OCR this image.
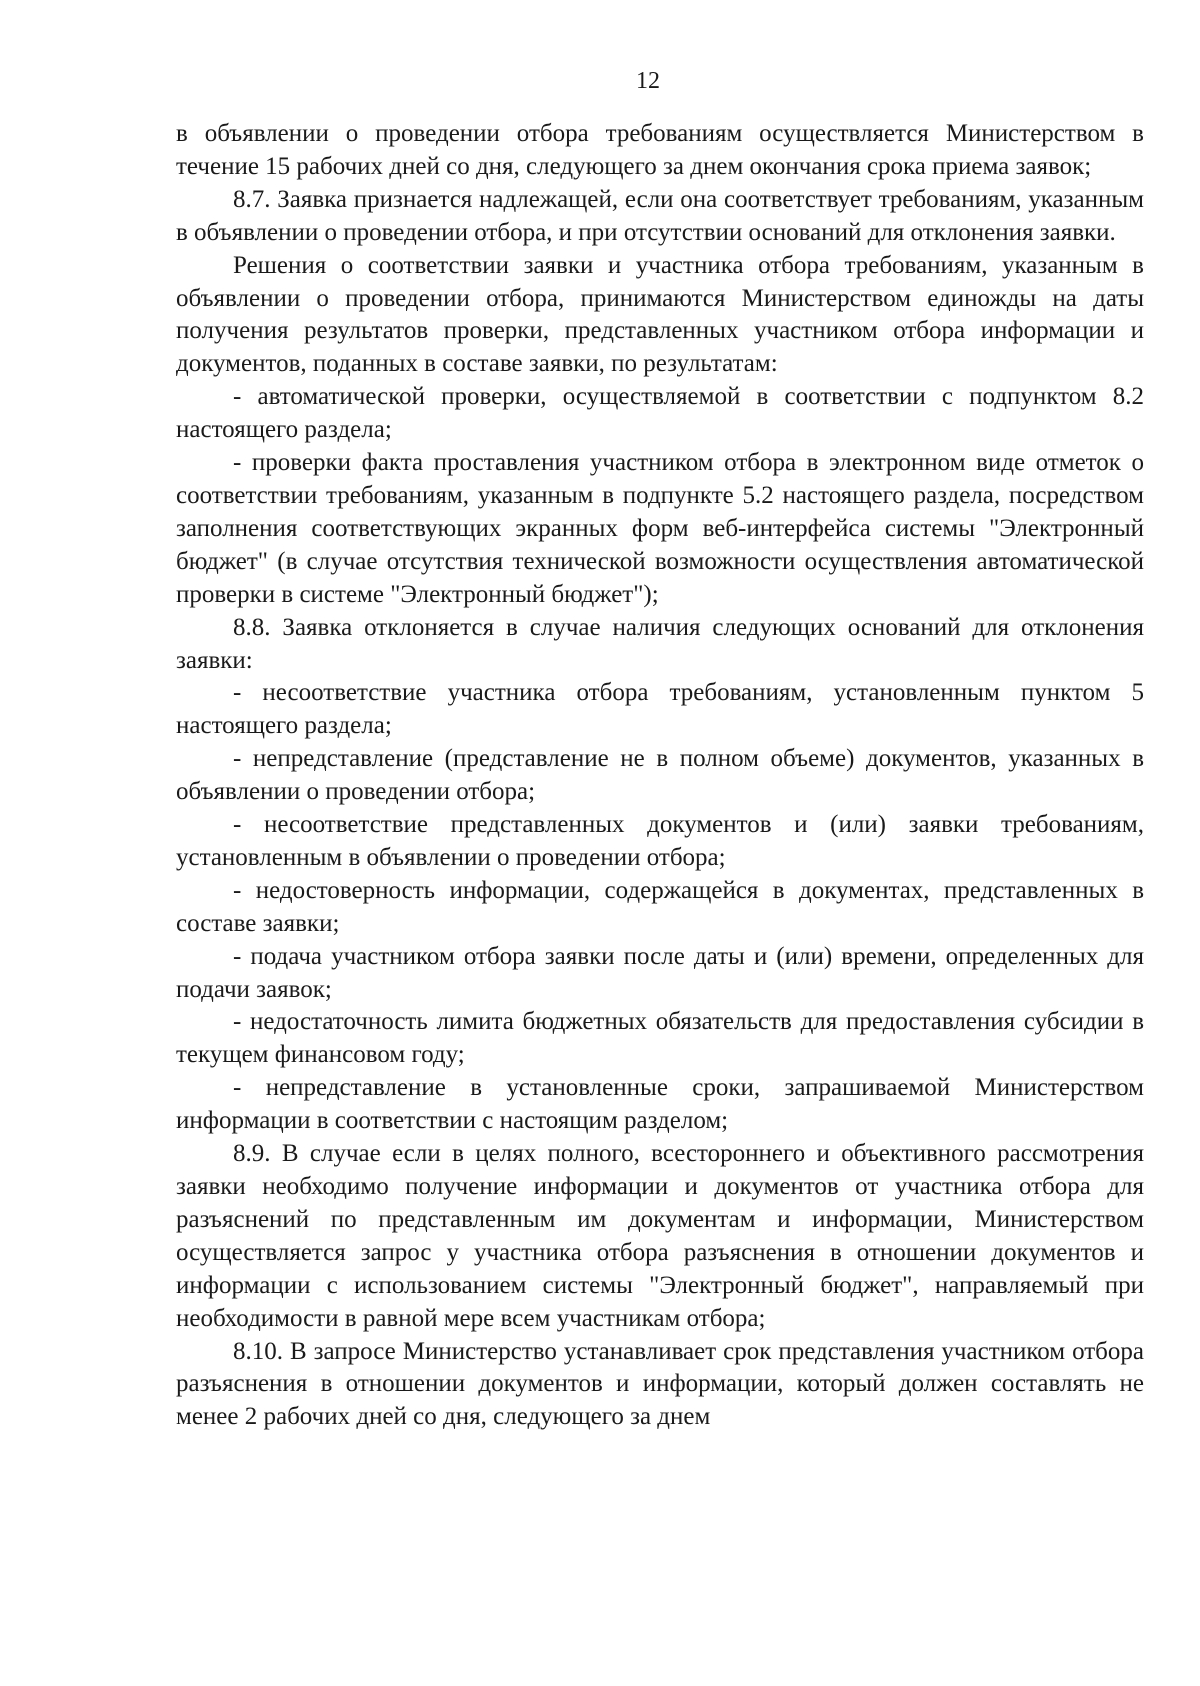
12

в объявлении о проведении отбора требованиям осуществляется Министерством в течение 15 рабочих дней со дня, следующего за днем окончания срока приема заявок;

8.7. Заявка признается надлежащей, если она соответствует требованиям, указанным в объявлении о проведении отбора, и при отсутствии оснований для отклонения заявки.

Решения о соответствии заявки и участника отбора требованиям, указанным в объявлении о проведении отбора, принимаются Министерством единожды на даты получения результатов проверки, представленных участником отбора информации и документов, поданных в составе заявки, по результатам:

- автоматической проверки, осуществляемой в соответствии с подпунктом 8.2 настоящего раздела;

- проверки факта проставления участником отбора в электронном виде отметок о соответствии требованиям, указанным в подпункте 5.2 настоящего раздела, посредством заполнения соответствующих экранных форм веб-интерфейса системы "Электронный бюджет" (в случае отсутствия технической возможности осуществления автоматической проверки в системе "Электронный бюджет");

8.8. Заявка отклоняется в случае наличия следующих оснований для отклонения заявки:

- несоответствие участника отбора требованиям, установленным пунктом 5 настоящего раздела;

- непредставление (представление не в полном объеме) документов, указанных в объявлении о проведении отбора;

- несоответствие представленных документов и (или) заявки требованиям, установленным в объявлении о проведении отбора;

- недостоверность информации, содержащейся в документах, представленных в составе заявки;

- подача участником отбора заявки после даты и (или) времени, определенных для подачи заявок;

- недостаточность лимита бюджетных обязательств для предоставления субсидии в текущем финансовом году;

- непредставление в установленные сроки, запрашиваемой Министерством информации в соответствии с настоящим разделом;

8.9. В случае если в целях полного, всестороннего и объективного рассмотрения заявки необходимо получение информации и документов от участника отбора для разъяснений по представленным им документам и информации, Министерством осуществляется запрос у участника отбора разъяснения в отношении документов и информации с использованием системы "Электронный бюджет", направляемый при необходимости в равной мере всем участникам отбора;

8.10. В запросе Министерство устанавливает срок представления участником отбора разъяснения в отношении документов и информации, который должен составлять не менее 2 рабочих дней со дня, следующего за днем
